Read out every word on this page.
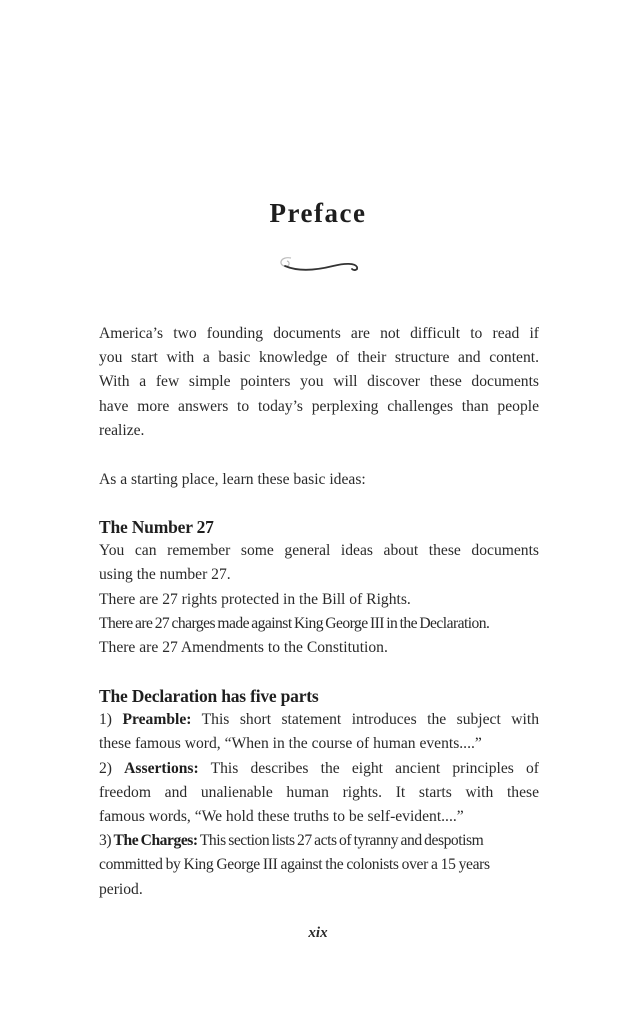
Preface
America’s two founding documents are not difficult to read if
you start with a basic knowledge of their structure and content.
With a few simple pointers you will discover these documents
have more answers to today’s perplexing challenges than people
realize.
As a starting place, learn these basic ideas:
The Number 27
You can remember some general ideas about these documents
using the number 27.
There are 27 rights protected in the Bill of Rights.
There are 27 charges made against King George III in the Declaration.
There are 27 Amendments to the Constitution.
The Declaration has five parts
1) Preamble: This short statement introduces the subject with
these famous word, “When in the course of human events....”
2) Assertions: This describes the eight ancient principles of
freedom and unalienable human rights. It starts with these
famous words, “We hold these truths to be self-evident....”
3) The Charges: This section lists 27 acts of tyranny and despotism
committed by King George III against the colonists over a 15 years
period.
xix
